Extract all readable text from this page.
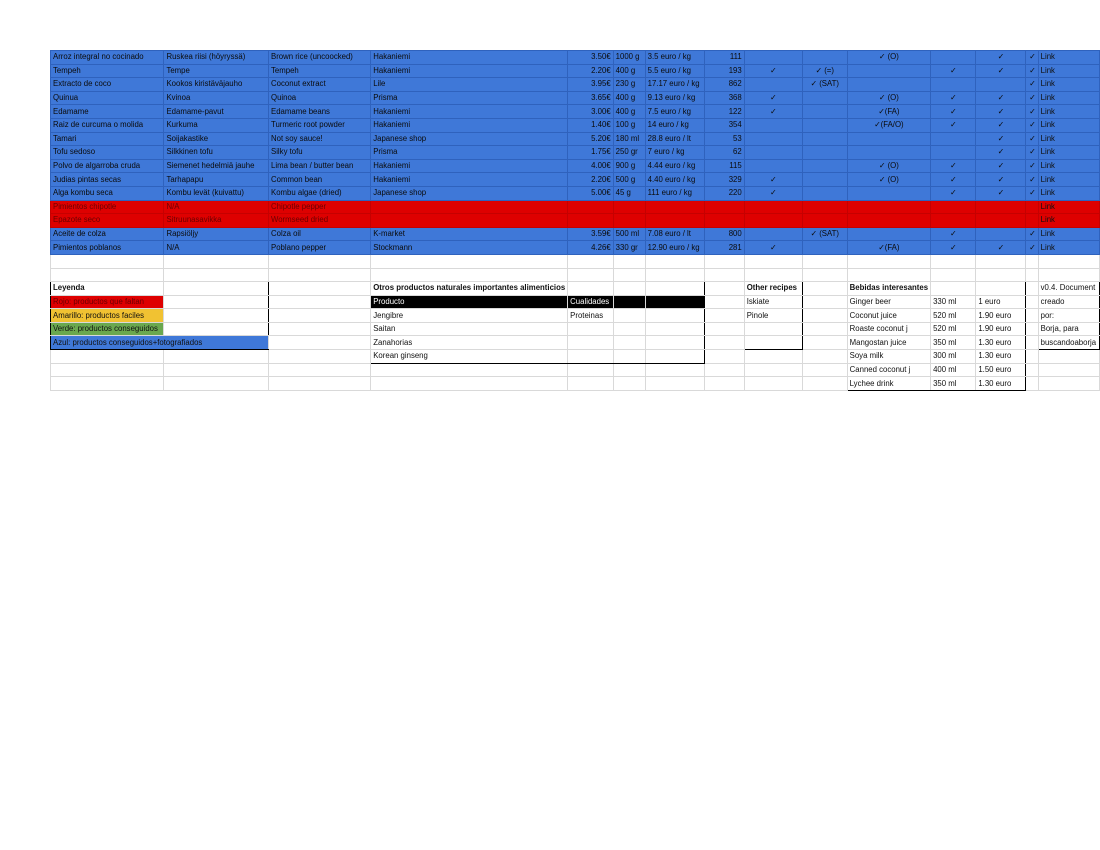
Arroz integral no cocinado	Ruskea riisi (höyryssä)	Brown rice (uncoocked)	Hakaniemi	3.50€	1000 g	3.5 euro / kg	111			✓ (O)		✓	✓	Link
Tempeh	Tempe	Tempeh	Hakaniemi	2.20€	400 g	5.5 euro / kg	193	✓	✓ (=)		✓	✓	✓	Link
Extracto de coco	Kookos kiristäväjauho	Coconut extract	Lile	3.95€	230 g	17.17 euro / kg	862		✓ (SAT)				✓	Link
Quinua	Kvinoa	Quinoa	Prisma	3.65€	400 g	9.13 euro / kg	368	✓		✓ (O)	✓	✓	✓	Link
Edamame	Edamame-pavut	Edamame beans	Hakaniemi	3.00€	400 g	7.5 euro / kg	122	✓		✓(FA)	✓	✓	✓	Link
Raiz de curcuma o molida	Kurkuma	Turmeric root powder	Hakaniemi	1.40€	100 g	14 euro / kg	354			✓(FA/O)	✓	✓	✓	Link
Tamari	Soijakastike	Not soy sauce!	Japanese shop	5.20€	180 ml	28.8 euro / lt	53					✓	✓	Link
Tofu sedoso	Silkkinen tofu	Silky tofu	Prisma	1.75€	250 gr	7 euro / kg	62					✓	✓	Link
Polvo de algarroba cruda	Siemenet hedelmiä jauhe	Lima bean / butter bean	Hakaniemi	4.00€	900 g	4.44 euro / kg	115			✓ (O)	✓	✓	✓	Link
Judias pintas secas	Tarhapapu	Common bean	Hakaniemi	2.20€	500 g	4.40 euro / kg	329	✓		✓ (O)	✓	✓	✓	Link
Alga kombu seca	Kombu levät (kuivattu)	Kombu algae (dried)	Japanese shop	5.00€	45 g	111 euro / kg	220	✓			✓	✓	✓	Link
Pimientos chipotle	N/A	Chipotle pepper												Link
Epazote seco	Sitruunasavikka	Wormseed dried												Link
Aceite de colza	Rapsiöljy	Colza oil	K-market	3.59€	500 ml	7.08 euro / lt	800		✓ (SAT)		✓		✓	Link
Pimientos poblanos	N/A	Poblano pepper	Stockmann	4.26€	330 gr	12.90 euro / kg	281	✓		✓(FA)	✓	✓	✓	Link

Leyenda			Otros productos naturales importantes alimenticios					Other recipes		Bebidas interesantes				v0.4. Document
Rojo: productos que faltan			Producto	Cualidades				Iskiate		Ginger beer	330 ml	1 euro		creado
Amarillo: productos faciles			Jengibre	Proteinas				Pinole		Coconut juice	520 ml	1.90 euro		por:
Verde: productos conseguidos			Saitan							Roaste coconut j	520 ml	1.90 euro		Borja, para
Azul: productos conseguidos+fotografiados			Zanahorias							Mangostan juice	350 ml	1.30 euro		buscandoaborja
			Korean ginseng							Soya milk	300 ml	1.30 euro		
										Canned coconut j	400 ml	1.50 euro		
										Lychee drink	350 ml	1.30 euro		
